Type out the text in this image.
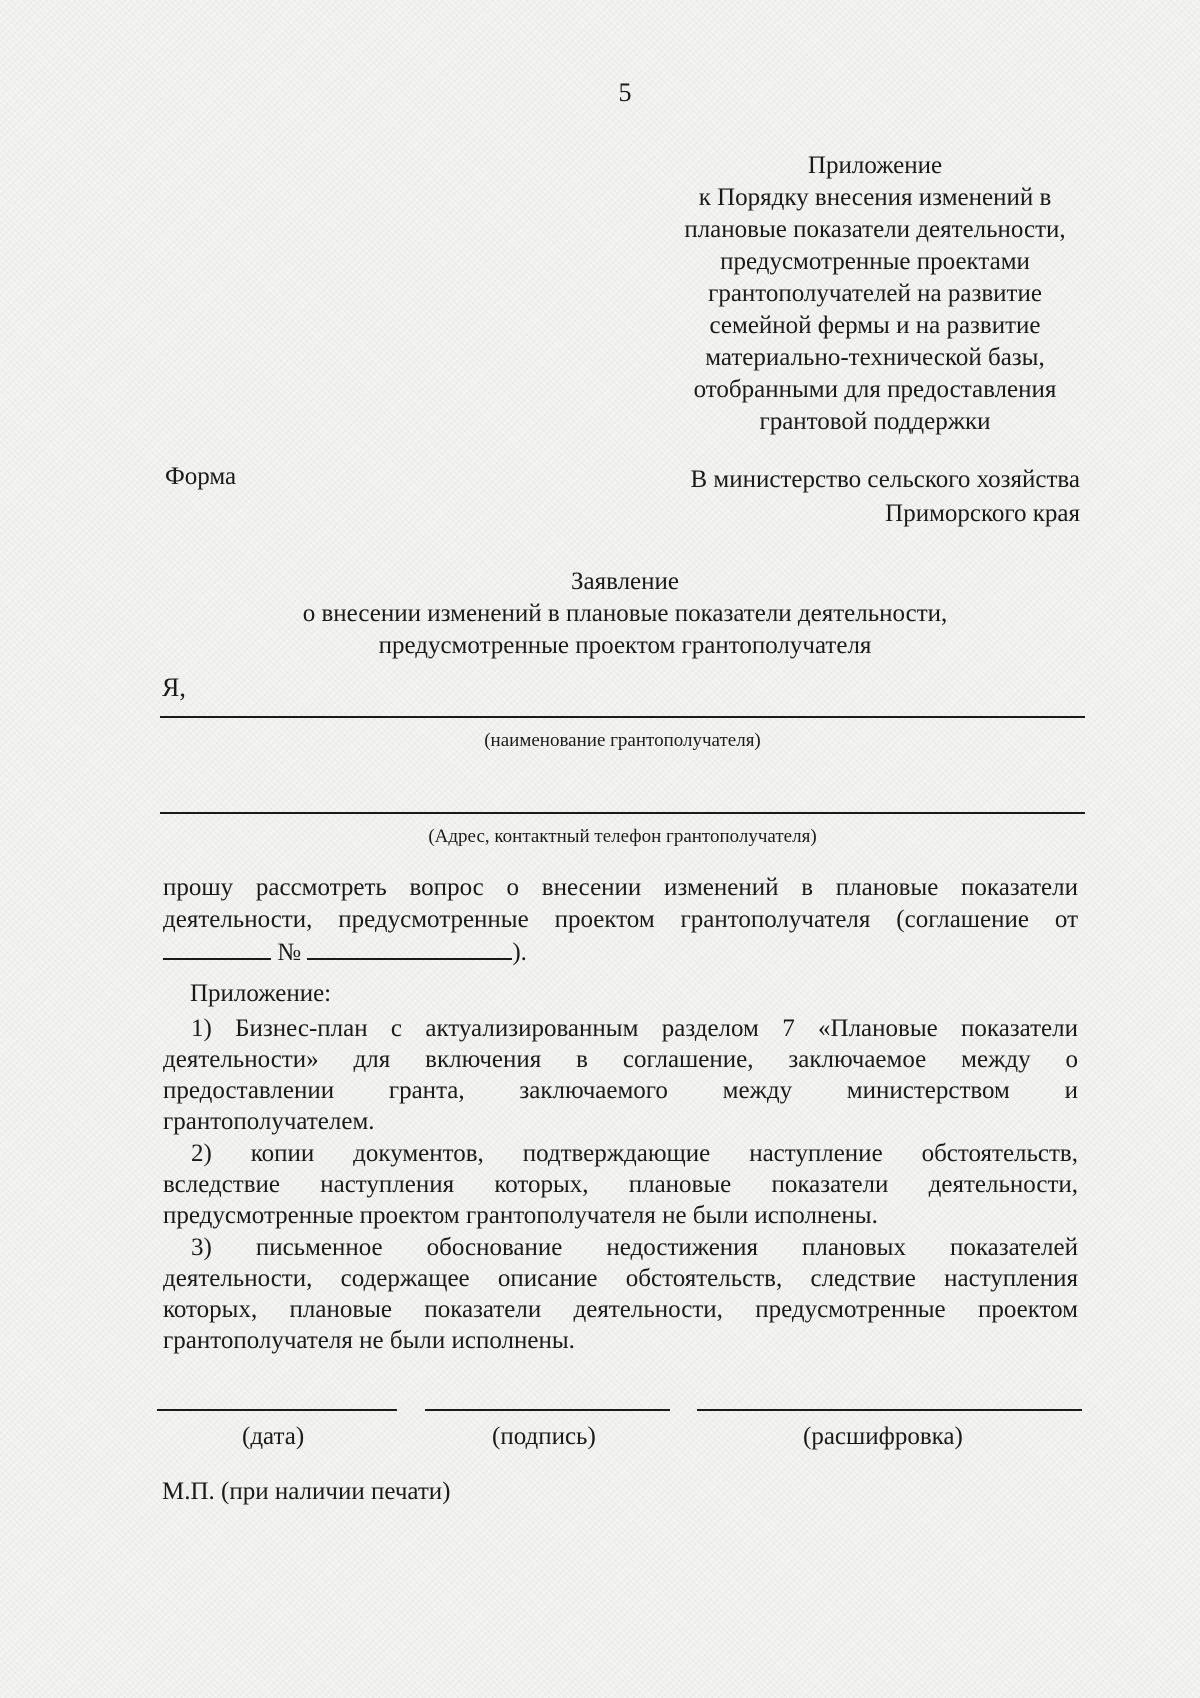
5
Приложение
к Порядку внесения изменений в
плановые показатели деятельности,
предусмотренные проектами
грантополучателей на развитие
семейной фермы и на развитие
материально-технической базы,
отобранными для предоставления
грантовой поддержки
Форма	В министерство сельского хозяйства
Приморского края
Заявление
о внесении изменений в плановые показатели деятельности,
предусмотренные проектом грантополучателя
Я,
(наименование грантополучателя)
(Адрес, контактный телефон грантополучателя)
прошу рассмотреть вопрос о внесении изменений в плановые показатели
деятельности, предусмотренные проектом грантополучателя (соглашение от
№	).
Приложение:
1) Бизнес-план с актуализированным разделом 7 «Плановые показатели
деятельности» для включения в соглашение, заключаемое между о
предоставлении гранта, заключаемого между министерством и
грантополучателем.
2) копии документов, подтверждающие наступление обстоятельств,
вследствие наступления которых, плановые показатели деятельности,
предусмотренные проектом грантополучателя не были исполнены.
3) письменное обоснование недостижения плановых показателей
деятельности, содержащее описание обстоятельств, следствие наступления
которых, плановые показатели деятельности, предусмотренные проектом
грантополучателя не были исполнены.
(дата)	(подпись)	(расшифровка)
М.П. (при наличии печати)
